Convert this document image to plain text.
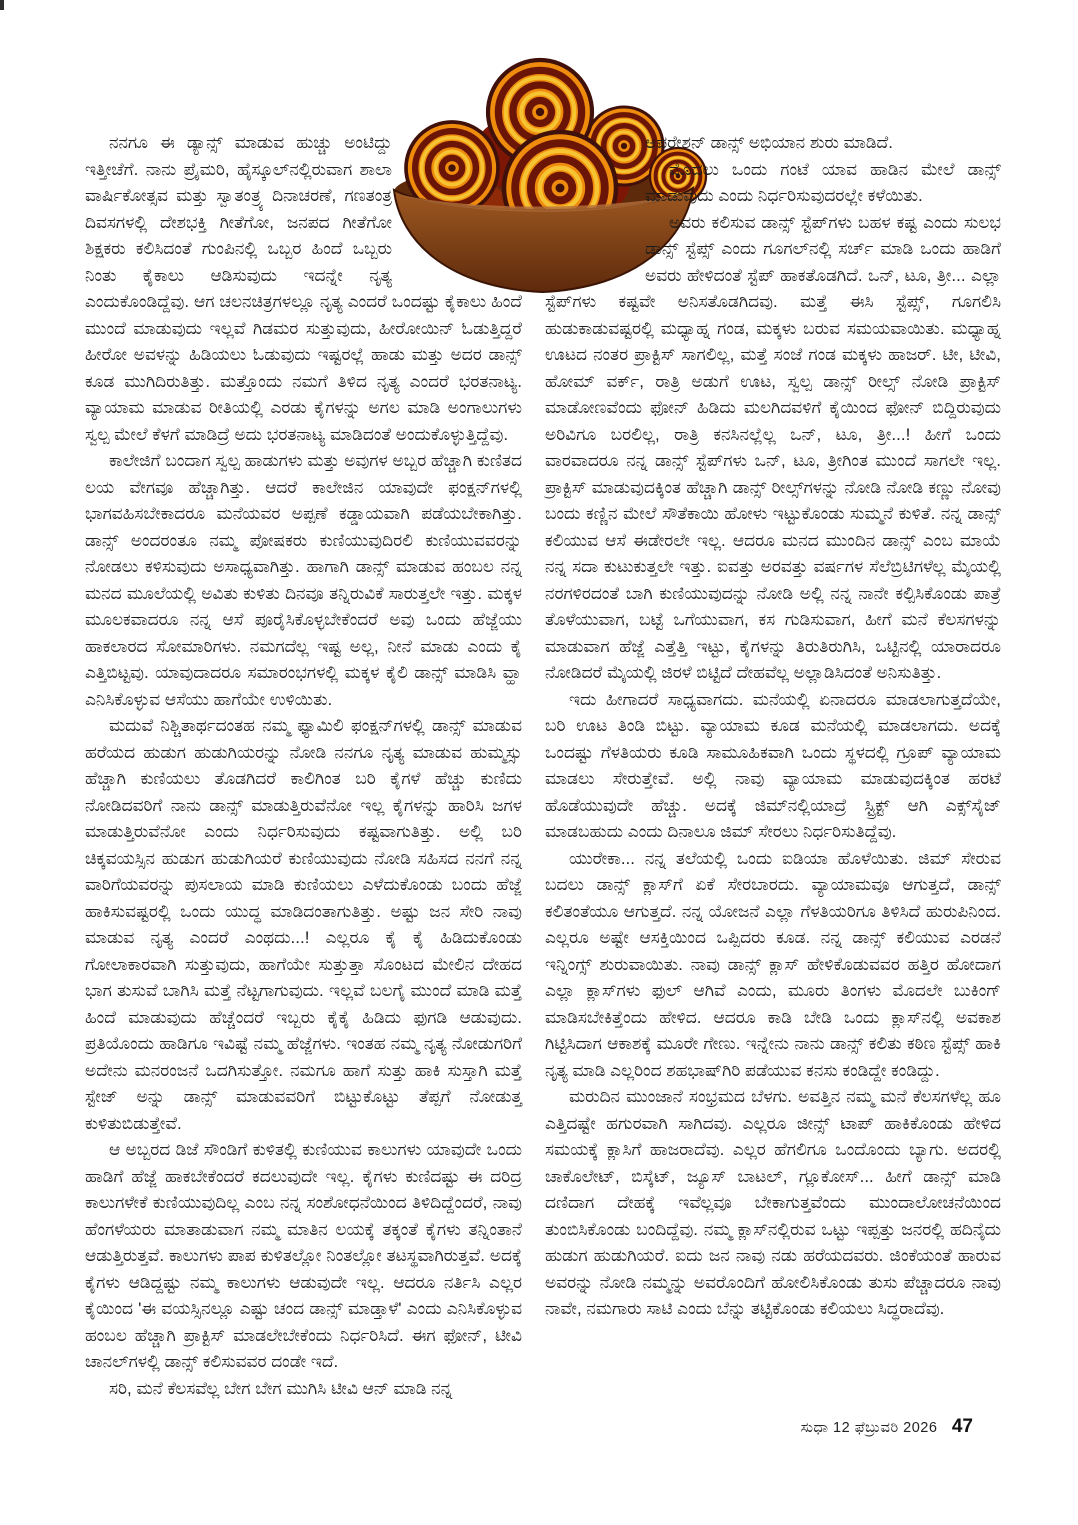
ನನಗೂ ಈ ಡ್ಯಾನ್ಸ್ ಮಾಡುವ ಹುಚ್ಚು ಅಂಟಿದ್ದು ಇತ್ತೀಚೆಗೆ. ನಾನು ಪ್ರೈಮರಿ, ಹೈಸ್ಕೂಲ್‌ನಲ್ಲಿರುವಾಗ ಶಾಲಾ ವಾರ್ಷಿಕೋತ್ಸವ ಮತ್ತು ಸ್ವಾತಂತ್ರ್ಯ ದಿನಾಚರಣೆ, ಗಣತಂತ್ರ ದಿವಸಗಳಲ್ಲಿ ದೇಶಭಕ್ತಿ ಗೀತೆಗೋ, ಜನಪದ ಗೀತೆಗೋ ಶಿಕ್ಷಕರು ಕಲಿಸಿದಂತೆ ಗುಂಪಿನಲ್ಲಿ ಒಬ್ಬರ ಹಿಂದೆ ಒಬ್ಬರು ನಿಂತು ಕೈಕಾಲು ಆಡಿಸುವುದು ಇದನ್ನೇ ನೃತ್ಯ ಎಂದುಕೊಂಡಿದ್ದೆವು. ಆಗ ಚಲನಚಿತ್ರಗಳಲ್ಲೂ ನೃತ್ಯ ಎಂದರೆ ಒಂದಷ್ಟು ಕೈಕಾಲು ಹಿಂದೆ ಮುಂದೆ ಮಾಡುವುದು ಇಲ್ಲವೆ ಗಿಡಮರ ಸುತ್ತುವುದು, ಹೀರೋಯಿನ್ ಓಡುತ್ತಿದ್ದರೆ ಹೀರೋ ಅವಳನ್ನು ಹಿಡಿಯಲು ಓಡುವುದು ಇಷ್ಟರಲ್ಲೆ ಹಾಡು ಮತ್ತು ಅದರ ಡಾನ್ಸ್ ಕೂಡ ಮುಗಿದಿರುತಿತ್ತು. ಮತ್ತೊಂದು ನಮಗೆ ತಿಳಿದ ನೃತ್ಯ ಎಂದರೆ ಭರತನಾಟ್ಯ. ವ್ಯಾಯಾಮ ಮಾಡುವ ರೀತಿಯಲ್ಲಿ ಎರಡು ಕೈಗಳನ್ನು ಅಗಲ ಮಾಡಿ ಅಂಗಾಲುಗಳು ಸ್ವಲ್ಪ ಮೇಲೆ ಕೆಳಗೆ ಮಾಡಿದ್ರೆ ಅದು ಭರತನಾಟ್ಯ ಮಾಡಿದಂತೆ ಅಂದುಕೊಳ್ಳುತ್ತಿದ್ದೆವು.

ಕಾಲೇಜಿಗೆ ಬಂದಾಗ ಸ್ವಲ್ಪ ಹಾಡುಗಳು ಮತ್ತು ಅವುಗಳ ಅಬ್ಬರ ಹೆಚ್ಚಾಗಿ ಕುಣಿತದ ಲಯ ವೇಗವೂ ಹೆಚ್ಚಾಗಿತ್ತು. ಆದರೆ ಕಾಲೇಜಿನ ಯಾವುದೇ ಫಂಕ್ಷನ್‌ಗಳಲ್ಲಿ ಭಾಗವಹಿಸಬೇಕಾದರೂ ಮನೆಯವರ ಅಪ್ಪಣೆ ಕಡ್ಡಾಯವಾಗಿ ಪಡೆಯಬೇಕಾಗಿತ್ತು. ಡಾನ್ಸ್ ಅಂದರಂತೂ ನಮ್ಮ ಪೋಷಕರು ಕುಣಿಯುವುದಿರಲಿ ಕುಣಿಯುವವರನ್ನು ನೋಡಲು ಕಳಿಸುವುದು ಅಸಾಧ್ಯವಾಗಿತ್ತು. ಹಾಗಾಗಿ ಡಾನ್ಸ್ ಮಾಡುವ ಹಂಬಲ ನನ್ನ ಮನದ ಮೂಲೆಯಲ್ಲಿ ಅವಿತು ಕುಳಿತು ದಿನವೂ ತನ್ನಿರುವಿಕೆ ಸಾರುತ್ತಲೇ ಇತ್ತು. ಮಕ್ಕಳ ಮೂಲಕವಾದರೂ ನನ್ನ ಆಸೆ ಪೂರೈಸಿಕೊಳ್ಳಬೇಕೆಂದರೆ ಅವು ಒಂದು ಹೆಜ್ಜೆಯು ಹಾಕಲಾರದ ಸೋಮಾರಿಗಳು. ನಮಗದೆಲ್ಲ ಇಷ್ಟ ಅಲ್ಲ, ನೀನೆ ಮಾಡು ಎಂದು ಕೈ ಎತ್ತಿಬಿಟ್ಟವು. ಯಾವುದಾದರೂ ಸಮಾರಂಭಗಳಲ್ಲಿ ಮಕ್ಕಳ ಕೈಲಿ ಡಾನ್ಸ್ ಮಾಡಿಸಿ ವ್ಹಾ ಎನಿಸಿಕೊಳ್ಳುವ ಆಸೆಯು ಹಾಗೆಯೇ ಉಳಿಯಿತು.

ಮದುವೆ ನಿಶ್ಚಿತಾರ್ಥದಂತಹ ನಮ್ಮ ಫ್ಯಾಮಿಲಿ ಫಂಕ್ಷನ್‌ಗಳಲ್ಲಿ ಡಾನ್ಸ್ ಮಾಡುವ ಹರೆಯದ ಹುಡುಗ ಹುಡುಗಿಯರನ್ನು ನೋಡಿ ನನಗೂ ನೃತ್ಯ ಮಾಡುವ ಹುಮ್ಮಸ್ಸು ಹೆಚ್ಚಾಗಿ ಕುಣಿಯಲು ತೊಡಗಿದರೆ ಕಾಲಿಗಿಂತ ಬರಿ ಕೈಗಳೆ ಹೆಚ್ಚು ಕುಣಿದು ನೋಡಿದವರಿಗೆ ನಾನು ಡಾನ್ಸ್ ಮಾಡುತ್ತಿರುವೆನೋ ಇಲ್ಲ ಕೈಗಳನ್ನು ಹಾರಿಸಿ ಜಗಳ ಮಾಡುತ್ತಿರುವೆನೋ ಎಂದು ನಿರ್ಧರಿಸುವುದು ಕಷ್ಟವಾಗುತಿತ್ತು. ಅಲ್ಲಿ ಬರಿ ಚಿಕ್ಕವಯಸ್ಸಿನ ಹುಡುಗ ಹುಡುಗಿಯರೆ ಕುಣಿಯುವುದು ನೋಡಿ ಸಹಿಸದ ನನಗೆ ನನ್ನ ವಾರಿಗೆಯವರನ್ನು ಪುಸಲಾಯ ಮಾಡಿ ಕುಣಿಯಲು ಎಳೆದುಕೊಂಡು ಬಂದು ಹೆಜ್ಜೆ ಹಾಕಿಸುವಷ್ಟರಲ್ಲಿ ಒಂದು ಯುದ್ಧ ಮಾಡಿದಂತಾಗುತಿತ್ತು. ಅಷ್ಟು ಜನ ಸೇರಿ ನಾವು ಮಾಡುವ ನೃತ್ಯ ಎಂದರೆ ಎಂಥದು...! ಎಲ್ಲರೂ ಕೈ ಕೈ ಹಿಡಿದುಕೊಂಡು ಗೋಲಾಕಾರವಾಗಿ ಸುತ್ತುವುದು, ಹಾಗೆಯೇ ಸುತ್ತುತ್ತಾ ಸೊಂಟದ ಮೇಲಿನ ದೇಹದ ಭಾಗ ತುಸುವೆ ಬಾಗಿಸಿ ಮತ್ತೆ ನೆಟ್ಟಗಾಗುವುದು. ಇಲ್ಲವೆ ಬಲಗೈ ಮುಂದೆ ಮಾಡಿ ಮತ್ತೆ ಹಿಂದೆ ಮಾಡುವುದು ಹೆಚ್ಚೆಂದರೆ ಇಬ್ಬರು ಕೈಕೈ ಹಿಡಿದು ಫುಗಡಿ ಆಡುವುದು. ಪ್ರತಿಯೊಂದು ಹಾಡಿಗೂ ಇವಿಷ್ಟೆ ನಮ್ಮ ಹೆಜ್ಜೆಗಳು. ಇಂತಹ ನಮ್ಮ ನೃತ್ಯ ನೋಡುಗರಿಗೆ ಅದೇನು ಮನರಂಜನೆ ಒದಗಿಸುತ್ತೋ. ನಮಗೂ ಹಾಗೆ ಸುತ್ತು ಹಾಕಿ ಸುಸ್ತಾಗಿ ಮತ್ತೆ ಸ್ಟೇಜ್ ಅನ್ನು ಡಾನ್ಸ್ ಮಾಡುವವರಿಗೆ ಬಿಟ್ಟುಕೊಟ್ಟು ತೆಪ್ಪಗೆ ನೋಡುತ್ತ ಕುಳಿತುಬಿಡುತ್ತೇವೆ.

ಆ ಅಬ್ಬರದ ಡಿಜೆ ಸೌಂಡಿಗೆ ಕುಳಿತಲ್ಲಿ ಕುಣಿಯುವ ಕಾಲುಗಳು ಯಾವುದೇ ಒಂದು ಹಾಡಿಗೆ ಹೆಜ್ಜೆ ಹಾಕಬೇಕೆಂದರೆ ಕದಲುವುದೇ ಇಲ್ಲ. ಕೈಗಳು ಕುಣಿದಷ್ಟು ಈ ದರಿದ್ರ ಕಾಲುಗಳೇಕೆ ಕುಣಿಯುವುದಿಲ್ಲ ಎಂಬ ನನ್ನ ಸಂಶೋಧನೆಯಿಂದ ತಿಳಿದಿದ್ದೆಂದರೆ, ನಾವು ಹೆಂಗಳೆಯರು ಮಾತಾಡುವಾಗ ನಮ್ಮ ಮಾತಿನ ಲಯಕ್ಕೆ ತಕ್ಕಂತೆ ಕೈಗಳು ತನ್ನಿಂತಾನೆ ಆಡುತ್ತಿರುತ್ತವೆ. ಕಾಲುಗಳು ಪಾಪ ಕುಳಿತಲ್ಲೋ ನಿಂತಲ್ಲೋ ತಟಸ್ಥವಾಗಿರುತ್ತವೆ. ಅದಕ್ಕೆ ಕೈಗಳು ಆಡಿದ್ದಷ್ಟು ನಮ್ಮ ಕಾಲುಗಳು ಆಡುವುದೇ ಇಲ್ಲ. ಆದರೂ ನರ್ತಿಸಿ ಎಲ್ಲರ ಕೈಯಿಂದ 'ಈ ವಯಸ್ಸಿನಲ್ಲೂ ಎಷ್ಟು ಚಂದ ಡಾನ್ಸ್ ಮಾಡ್ತಾಳೆ' ಎಂದು ಎನಿಸಿಕೊಳ್ಳುವ ಹಂಬಲ ಹೆಚ್ಚಾಗಿ ಪ್ರಾಕ್ಟಿಸ್ ಮಾಡಲೇಬೇಕೆಂದು ನಿರ್ಧರಿಸಿದೆ. ಈಗ ಫೋನ್, ಟೀವಿ ಚಾನಲ್‌ಗಳಲ್ಲಿ ಡಾನ್ಸ್ ಕಲಿಸುವವರ ದಂಡೇ ಇದೆ.

ಸರಿ, ಮನೆ ಕೆಲಸವೆಲ್ಲ ಬೇಗ ಬೇಗ ಮುಗಿಸಿ ಟೀವಿ ಆನ್ ಮಾಡಿ ನನ್ನ

ಆಪರೇಶನ್ ಡಾನ್ಸ್ ಅಭಿಯಾನ ಶುರು ಮಾಡಿದೆ.

ಮೊದಲು ಒಂದು ಗಂಟೆ ಯಾವ ಹಾಡಿನ ಮೇಲೆ ಡಾನ್ಸ್ ಮಾಡುವುದು ಎಂದು ನಿರ್ಧರಿಸುವುದರಲ್ಲೇ ಕಳೆಯಿತು.

ಅವರು ಕಲಿಸುವ ಡಾನ್ಸ್ ಸ್ಟೆಪ್‌ಗಳು ಬಹಳ ಕಷ್ಟ ಎಂದು ಸುಲಭ ಡಾನ್ಸ್ ಸ್ಟೆಪ್ಸ್ ಎಂದು ಗೂಗಲ್‌ನಲ್ಲಿ ಸರ್ಚ್ ಮಾಡಿ ಒಂದು ಹಾಡಿಗೆ ಅವರು ಹೇಳಿದಂತೆ ಸ್ಟೆಪ್ ಹಾಕತೊಡಗಿದೆ. ಒನ್, ಟೂ, ತ್ರೀ... ಎಲ್ಲಾ ಸ್ಟೆಪ್‌ಗಳು ಕಷ್ಟವೇ ಅನಿಸತೊಡಗಿದವು. ಮತ್ತೆ ಈಸಿ ಸ್ಟೆಪ್ಸ್, ಗೂಗಲಿಸಿ ಹುಡುಕಾಡುವಷ್ಟರಲ್ಲಿ ಮಧ್ಯಾಹ್ನ ಗಂಡ, ಮಕ್ಕಳು ಬರುವ ಸಮಯವಾಯಿತು. ಮಧ್ಯಾಹ್ನ ಊಟದ ನಂತರ ಪ್ರಾಕ್ಟಿಸ್ ಸಾಗಲಿಲ್ಲ, ಮತ್ತೆ ಸಂಜೆ ಗಂಡ ಮಕ್ಕಳು ಹಾಜರ್. ಟೀ, ಟೀವಿ, ಹೋಮ್ ವರ್ಕ್, ರಾತ್ರಿ ಅಡುಗೆ ಊಟ, ಸ್ವಲ್ಪ ಡಾನ್ಸ್ ರೀಲ್ಸ್ ನೋಡಿ ಪ್ರಾಕ್ಟಿಸ್ ಮಾಡೋಣವೆಂದು ಫೋನ್ ಹಿಡಿದು ಮಲಗಿದವಳಿಗೆ ಕೈಯಿಂದ ಫೋನ್ ಬಿದ್ದಿರುವುದು ಅರಿವಿಗೂ ಬರಲಿಲ್ಲ, ರಾತ್ರಿ ಕನಸಿನಲ್ಲೆಲ್ಲ ಒನ್, ಟೂ, ತ್ರೀ...! ಹೀಗೆ ಒಂದು ವಾರವಾದರೂ ನನ್ನ ಡಾನ್ಸ್ ಸ್ಟೆಪ್‌ಗಳು ಒನ್, ಟೂ, ತ್ರೀಗಿಂತ ಮುಂದೆ ಸಾಗಲೇ ಇಲ್ಲ. ಪ್ರಾಕ್ಟಿಸ್ ಮಾಡುವುದಕ್ಕಿಂತ ಹೆಚ್ಚಾಗಿ ಡಾನ್ಸ್ ರೀಲ್ಸ್‌ಗಳನ್ನು ನೋಡಿ ನೋಡಿ ಕಣ್ಣು ನೋವು ಬಂದು ಕಣ್ಣಿನ ಮೇಲೆ ಸೌತೆಕಾಯಿ ಹೋಳು ಇಟ್ಟುಕೊಂಡು ಸುಮ್ಮನೆ ಕುಳಿತೆ. ನನ್ನ ಡಾನ್ಸ್ ಕಲಿಯುವ ಆಸೆ ಈಡೇರಲೇ ಇಲ್ಲ. ಆದರೂ ಮನದ ಮುಂದಿನ ಡಾನ್ಸ್ ಎಂಬ ಮಾಯೆ ನನ್ನ ಸದಾ ಕುಟುಕುತ್ತಲೇ ಇತ್ತು. ಐವತ್ತು ಅರವತ್ತು ವರ್ಷಗಳ ಸೆಲೆಬ್ರಿಟಿಗಳೆಲ್ಲ ಮೈಯಲ್ಲಿ ನರಗಳಿರದಂತೆ ಬಾಗಿ ಕುಣಿಯುವುದನ್ನು ನೋಡಿ ಅಲ್ಲಿ ನನ್ನ ನಾನೇ ಕಲ್ಪಿಸಿಕೊಂಡು ಪಾತ್ರೆ ತೊಳೆಯುವಾಗ, ಬಟ್ಟೆ ಒಗೆಯುವಾಗ, ಕಸ ಗುಡಿಸುವಾಗ, ಹೀಗೆ ಮನೆ ಕೆಲಸಗಳನ್ನು ಮಾಡುವಾಗ ಹೆಜ್ಜೆ ಎತ್ತೆತ್ತಿ ಇಟ್ಟು, ಕೈಗಳನ್ನು ತಿರುತಿರುಗಿಸಿ, ಒಟ್ಟಿನಲ್ಲಿ ಯಾರಾದರೂ ನೋಡಿದರೆ ಮೈಯಲ್ಲಿ ಜಿರಳೆ ಬಿಟ್ಟಿದೆ ದೇಹವೆಲ್ಲ ಅಲ್ಲಾಡಿಸಿದಂತೆ ಅನಿಸುತಿತ್ತು.

ಇದು ಹೀಗಾದರೆ ಸಾಧ್ಯವಾಗದು. ಮನೆಯಲ್ಲಿ ಏನಾದರೂ ಮಾಡಲಾಗುತ್ತದೆಯೇ, ಬರಿ ಊಟ ತಿಂಡಿ ಬಿಟ್ಟು. ವ್ಯಾಯಾಮ ಕೂಡ ಮನೆಯಲ್ಲಿ ಮಾಡಲಾಗದು. ಅದಕ್ಕೆ ಒಂದಷ್ಟು ಗೆಳತಿಯರು ಕೂಡಿ ಸಾಮೂಹಿಕವಾಗಿ ಒಂದು ಸ್ಥಳದಲ್ಲಿ ಗ್ರೂಪ್ ವ್ಯಾಯಾಮ ಮಾಡಲು ಸೇರುತ್ತೇವೆ. ಅಲ್ಲಿ ನಾವು ವ್ಯಾಯಾಮ ಮಾಡುವುದಕ್ಕಿಂತ ಹರಟೆ ಹೊಡೆಯುವುದೇ ಹೆಚ್ಚು. ಅದಕ್ಕೆ ಜಿಮ್‌ನಲ್ಲಿಯಾದ್ರೆ ಸ್ಟ್ರಿಕ್ಟ್ ಆಗಿ ಎಕ್ಸ್‌ಸೈಜ್ ಮಾಡಬಹುದು ಎಂದು ದಿನಾಲೂ ಜಿಮ್ ಸೇರಲು ನಿರ್ಧರಿಸುತಿದ್ದೆವು.

ಯುರೇಕಾ... ನನ್ನ ತಲೆಯಲ್ಲಿ ಒಂದು ಐಡಿಯಾ ಹೊಳೆಯಿತು. ಜಿಮ್ ಸೇರುವ ಬದಲು ಡಾನ್ಸ್ ಕ್ಲಾಸ್‌ಗೆ ಏಕೆ ಸೇರಬಾರದು. ವ್ಯಾಯಾಮವೂ ಆಗುತ್ತದೆ, ಡಾನ್ಸ್ ಕಲಿತಂತೆಯೂ ಆಗುತ್ತದೆ. ನನ್ನ ಯೋಜನೆ ಎಲ್ಲಾ ಗೆಳತಿಯರಿಗೂ ತಿಳಿಸಿದೆ ಹುರುಪಿನಿಂದ. ಎಲ್ಲರೂ ಅಷ್ಟೇ ಆಸಕ್ತಿಯಿಂದ ಒಪ್ಪಿದರು ಕೂಡ. ನನ್ನ ಡಾನ್ಸ್ ಕಲಿಯುವ ಎರಡನೆ ಇನ್ನಿಂಗ್ಸ್ ಶುರುವಾಯಿತು. ನಾವು ಡಾನ್ಸ್ ಕ್ಲಾಸ್ ಹೇಳಿಕೊಡುವವರ ಹತ್ತಿರ ಹೋದಾಗ ಎಲ್ಲಾ ಕ್ಲಾಸ್‌ಗಳು ಫುಲ್ ಆಗಿವೆ ಎಂದು, ಮೂರು ತಿಂಗಳು ಮೊದಲೇ ಬುಕಿಂಗ್ ಮಾಡಿಸಬೇಕಿತ್ತೆಂದು ಹೇಳಿದ. ಆದರೂ ಕಾಡಿ ಬೇಡಿ ಒಂದು ಕ್ಲಾಸ್‌ನಲ್ಲಿ ಅವಕಾಶ ಗಿಟ್ಟಿಸಿದಾಗ ಆಕಾಶಕ್ಕೆ ಮೂರೇ ಗೇಣು. ಇನ್ನೇನು ನಾನು ಡಾನ್ಸ್ ಕಲಿತು ಕಠಿಣ ಸ್ಟೆಪ್ಸ್ ಹಾಕಿ ನೃತ್ಯ ಮಾಡಿ ಎಲ್ಲರಿಂದ ಶಹಭಾಷ್‌ಗಿರಿ ಪಡೆಯುವ ಕನಸು ಕಂಡಿದ್ದೇ ಕಂಡಿದ್ದು.

ಮರುದಿನ ಮುಂಜಾನೆ ಸಂಭ್ರಮದ ಬೆಳಗು. ಅವತ್ತಿನ ನಮ್ಮ ಮನೆ ಕೆಲಸಗಳೆಲ್ಲ ಹೂ ಎತ್ತಿದಷ್ಟೇ ಹಗುರವಾಗಿ ಸಾಗಿದವು. ಎಲ್ಲರೂ ಜೀನ್ಸ್ ಟಾಪ್ ಹಾಕಿಕೊಂಡು ಹೇಳಿದ ಸಮಯಕ್ಕೆ ಕ್ಲಾಸಿಗೆ ಹಾಜರಾದೆವು. ಎಲ್ಲರ ಹೆಗಲಿಗೂ ಒಂದೊಂದು ಬ್ಯಾಗು. ಅದರಲ್ಲಿ ಚಾಕೊಲೇಟ್, ಬಿಸ್ಕೆಟ್, ಜ್ಯೂಸ್ ಬಾಟಲ್, ಗ್ಲೂಕೋಸ್... ಹೀಗೆ ಡಾನ್ಸ್ ಮಾಡಿ ದಣಿದಾಗ ದೇಹಕ್ಕೆ ಇವೆಲ್ಲವೂ ಬೇಕಾಗುತ್ತವೆಂದು ಮುಂದಾಲೋಚನೆಯಿಂದ ತುಂಬಿಸಿಕೊಂಡು ಬಂದಿದ್ದೆವು. ನಮ್ಮ ಕ್ಲಾಸ್‌ನಲ್ಲಿರುವ ಒಟ್ಟು ಇಪ್ಪತ್ತು ಜನರಲ್ಲಿ ಹದಿನೈದು ಹುಡುಗ ಹುಡುಗಿಯರೆ. ಐದು ಜನ ನಾವು ನಡು ಹರೆಯದವರು. ಜಿಂಕೆಯಂತೆ ಹಾರುವ ಅವರನ್ನು ನೋಡಿ ನಮ್ಮನ್ನು ಅವರೊಂದಿಗೆ ಹೋಲಿಸಿಕೊಂಡು ತುಸು ಪೆಚ್ಚಾದರೂ ನಾವು ನಾವೇ, ನಮಗಾರು ಸಾಟಿ ಎಂದು ಬೆನ್ನು ತಟ್ಟಿಕೊಂಡು ಕಲಿಯಲು ಸಿದ್ಧರಾದೆವು.

ಸುಧಾ 12 ಫೆಬ್ರುವರಿ 2026 47
